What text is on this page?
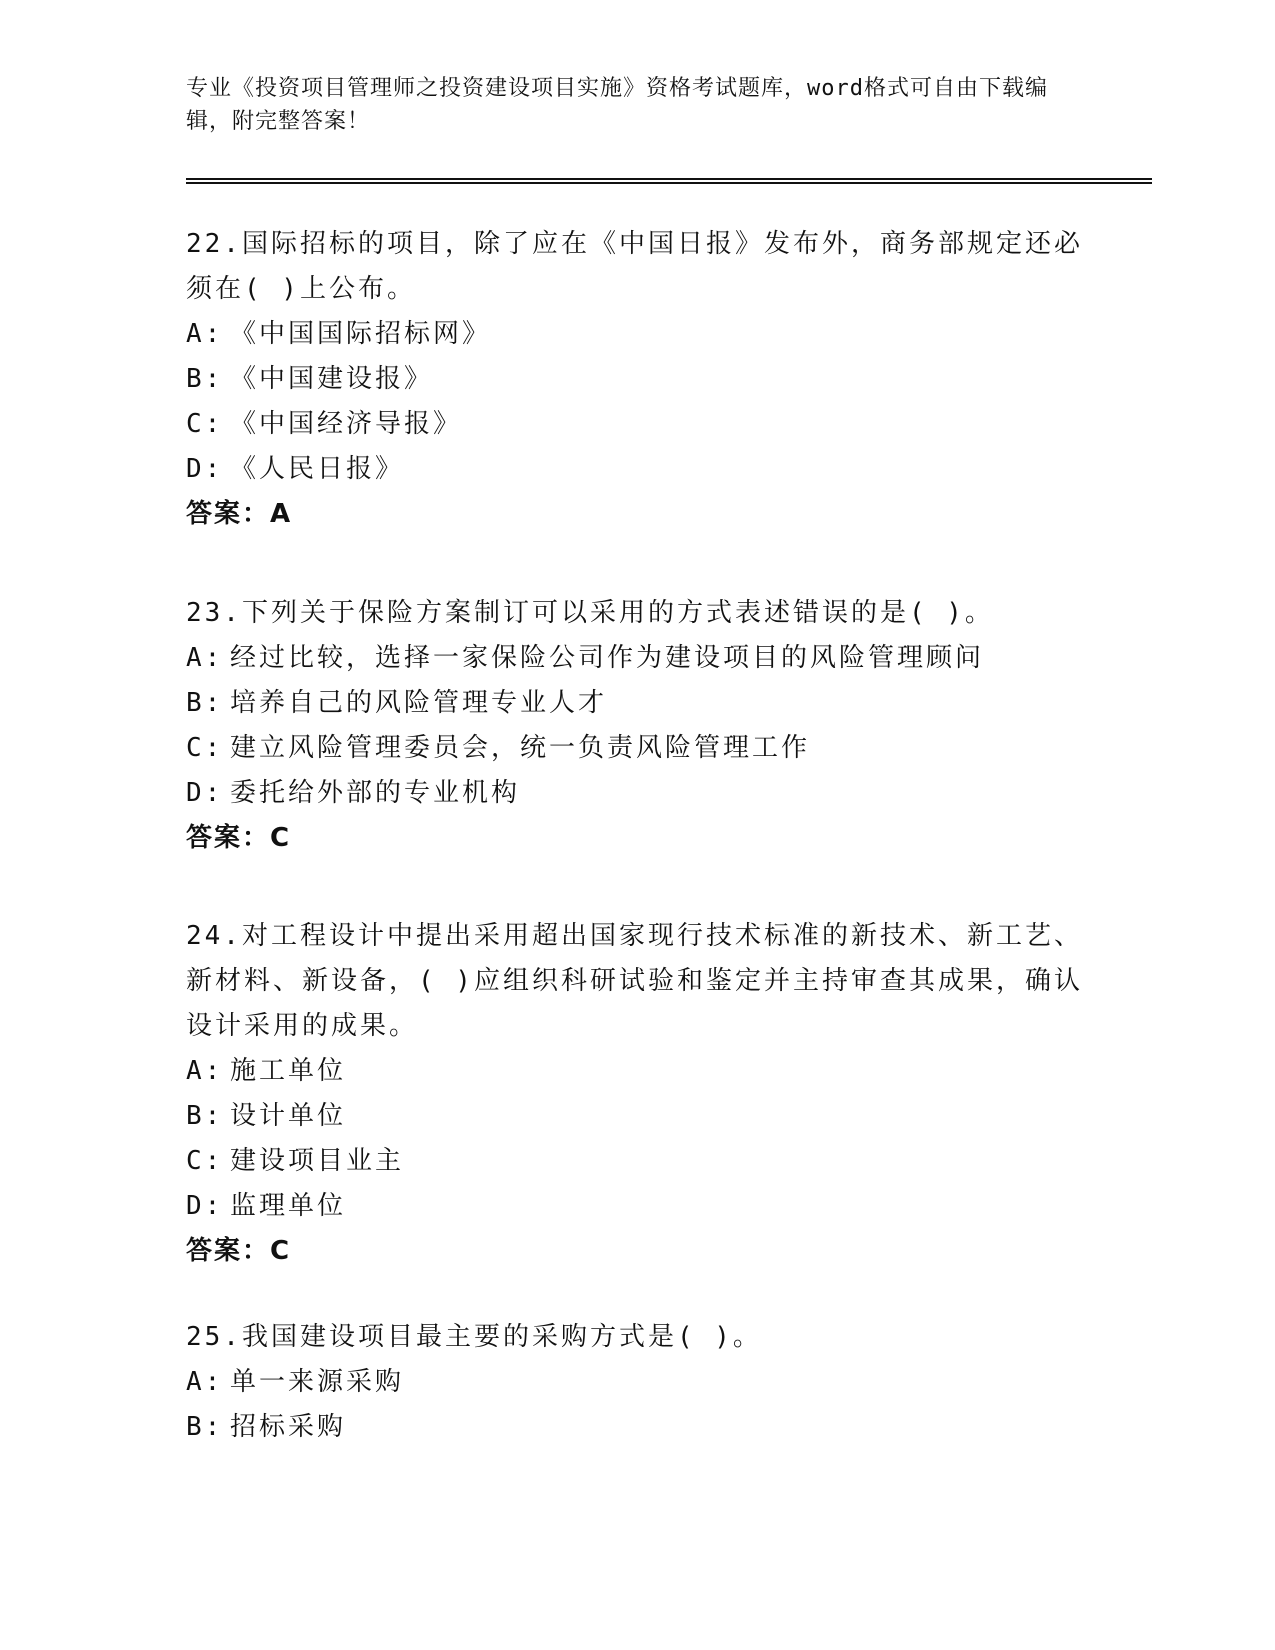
专业《投资项目管理师之投资建设项目实施》资格考试题库，word格式可自由下载编辑，附完整答案！

22.国际招标的项目，除了应在《中国日报》发布外，商务部规定还必须在( )上公布。

A: 《中国国际招标网》

B: 《中国建设报》

C: 《中国经济导报》

D: 《人民日报》

答案：A

23.下列关于保险方案制订可以采用的方式表述错误的是( )。

A: 经过比较，选择一家保险公司作为建设项目的风险管理顾问

B: 培养自己的风险管理专业人才

C: 建立风险管理委员会，统一负责风险管理工作

D: 委托给外部的专业机构

答案：C

24.对工程设计中提出采用超出国家现行技术标准的新技术、新工艺、新材料、新设备，( )应组织科研试验和鉴定并主持审查其成果，确认设计采用的成果。

A: 施工单位

B: 设计单位

C: 建设项目业主

D: 监理单位

答案：C

25.我国建设项目最主要的采购方式是( )。

A: 单一来源采购

B: 招标采购
